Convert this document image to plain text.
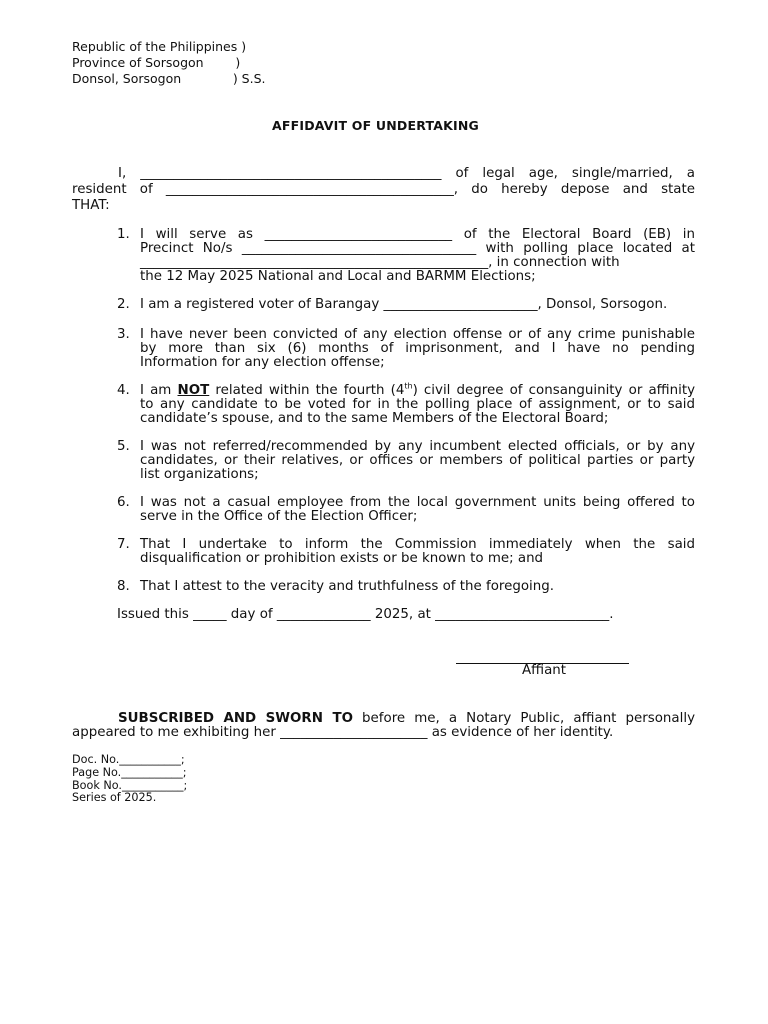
Republic of the Philippines )
Province of Sorsogon        )
Donsol, Sorsogon             ) S.S.
AFFIDAVIT OF UNDERTAKING
I, _____________________________________________ of legal age, single/married, a
resident of ___________________________________________, do hereby depose and state
THAT:
1. I will serve as ____________________________ of the Electoral Board (EB) in
Precinct No/s ___________________________________ with polling place located at
____________________________________________________, in connection with
the 12 May 2025 National and Local and BARMM Elections;
2. I am a registered voter of Barangay _______________________, Donsol, Sorsogon.
3. I have never been convicted of any election offense or of any crime punishable
by more than six (6) months of imprisonment, and I have no pending
Information for any election offense;
4. I am NOT related within the fourth (4th) civil degree of consanguinity or affinity
to any candidate to be voted for in the polling place of assignment, or to said
candidate’s spouse, and to the same Members of the Electoral Board;
5. I was not referred/recommended by any incumbent elected officials, or by any
candidates, or their relatives, or offices or members of political parties or party
list organizations;
6. I was not a casual employee from the local government units being offered to
serve in the Office of the Election Officer;
7. That I undertake to inform the Commission immediately when the said
disqualification or prohibition exists or be known to me; and
8. That I attest to the veracity and truthfulness of the foregoing.
Issued this _____ day of ______________ 2025, at __________________________.
Affiant
SUBSCRIBED AND SWORN TO before me, a Notary Public, affiant personally
appeared to me exhibiting her ______________________ as evidence of her identity.
Doc. No.___________;
Page No.___________;
Book No.___________;
Series of 2025.
